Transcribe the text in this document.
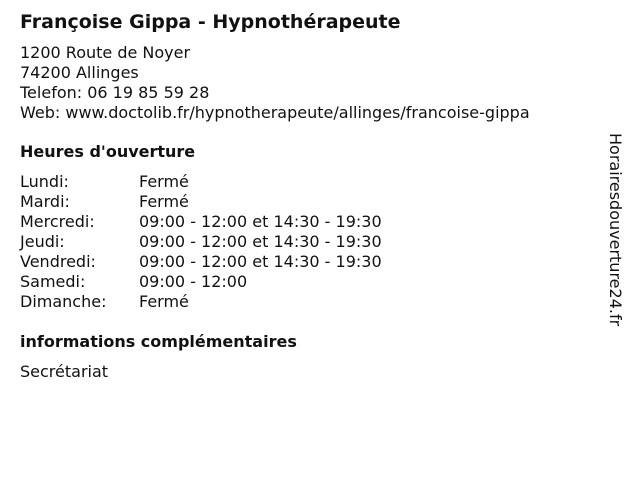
Françoise Gippa - Hypnothérapeute
1200 Route de Noyer
74200 Allinges
Telefon: 06 19 85 59 28
Web: www.doctolib.fr/hypnotherapeute/allinges/francoise-gippa
Heures d'ouverture
Lundi:	Fermé
Mardi:	Fermé
Mercredi:	09:00 - 12:00 et 14:30 - 19:30
Jeudi:	09:00 - 12:00 et 14:30 - 19:30
Vendredi:	09:00 - 12:00 et 14:30 - 19:30
Samedi:	09:00 - 12:00
Dimanche:	Fermé
informations complémentaires
Secrétariat
Horairesdouverture24.fr
